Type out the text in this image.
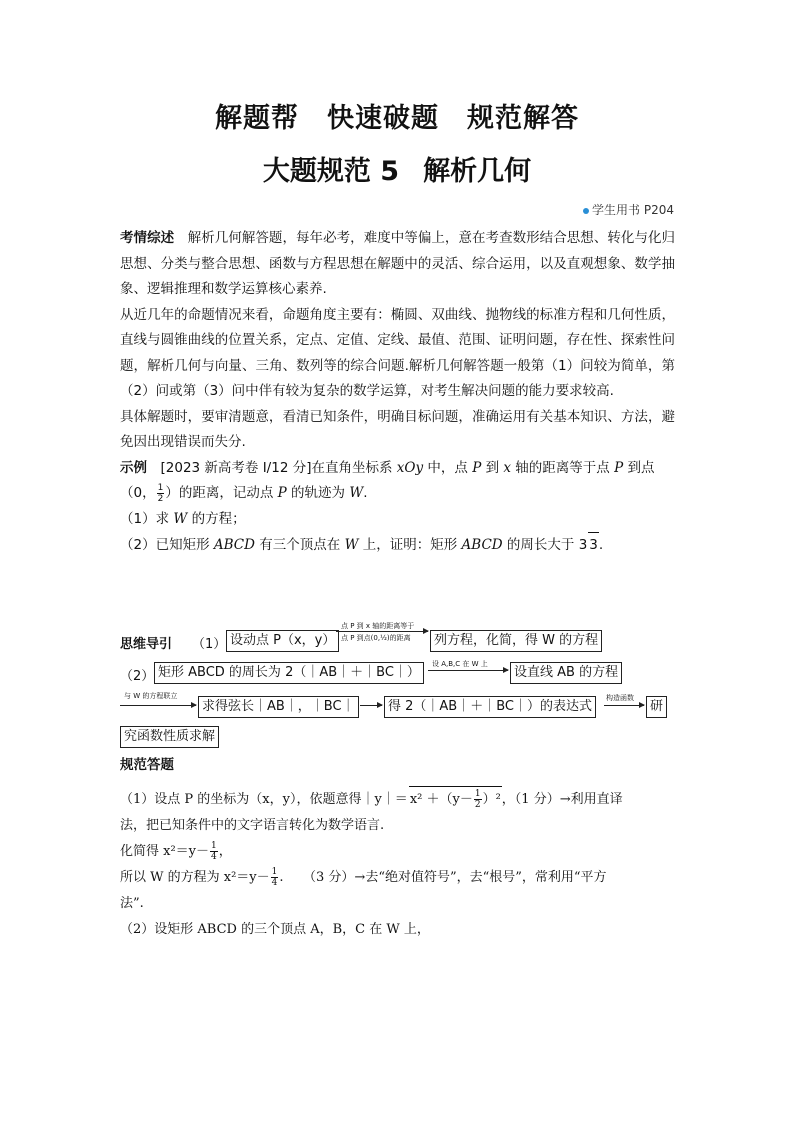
解题帮 快速破题 规范解答
大题规范 5 解析几何
学生用书 P204

考情综述　 解析几何解答题，每年必考，难度中等偏上，意在考查数形结合思想、转化与化归思想、分类与整合思想、函数与方程思想在解题中的灵活、综合运用，以及直观想象、数学抽象、逻辑推理和数学运算核心素养.

从近几年的命题情况来看，命题角度主要有：椭圆、双曲线、抛物线的标准方程和几何性质，直线与圆锥曲线的位置关系，定点、定值、定线、最值、范围、证明问题，存在性、探索性问题，解析几何与向量、三角、数列等的综合问题.解析几何解答题一般第（1）问较为简单，第（2）问或第（3）问中伴有较为复杂的数学运算，对考生解决问题的能力要求较高.

具体解题时，要审清题意，看清已知条件，明确目标问题，准确运用有关基本知识、方法，避免因出现错误而失分.

示例　 [2023 新高考卷 Ⅰ/12 分]在直角坐标系 xOy 中，点 P 到 x 轴的距离等于点 P 到点
（0， $\frac{1}{2}$ ）的距离，记动点 P 的轨迹为 W.

（1）求 W 的方程；

（2）已知矩形 ABCD 有三个顶点在 W 上，证明：矩形 ABCD 的周长大于 3 3.

思维导引 （1） 设动点 P（x，y）
点 P 到 x 轴的距离等于
点 P 到点(0,½)的距离	列方程，化简，得 W 的方程
（2） 矩形 ABCD 的周长为 2（｜AB｜＋｜BC｜）
设 A,B,C 在 W 上
设直线 AB 的方程
与 W 的方程联立
求得弦长｜AB｜，｜BC｜	得 2（｜AB｜＋｜BC｜）的表达式
构造函数
研
究函数性质求解

规范答题

（1）设点 P 的坐标为（x，y），依题意得｜y｜＝ $x^2 +(y- \frac{1}{2} )^2$，（1 分）→利用直译

法，把已知条件中的文字语言转化为数学语言.

化简得 $x^2=y- \frac{1}{4}$ ，

所以 W 的方程为 $x^2=y- \frac{1}{4}$ .　　（3 分）→去“绝对值符号”，去“根号”，常利用“平方

法”.

（2）设矩形 ABCD 的三个顶点 A，B，C 在 W 上，
